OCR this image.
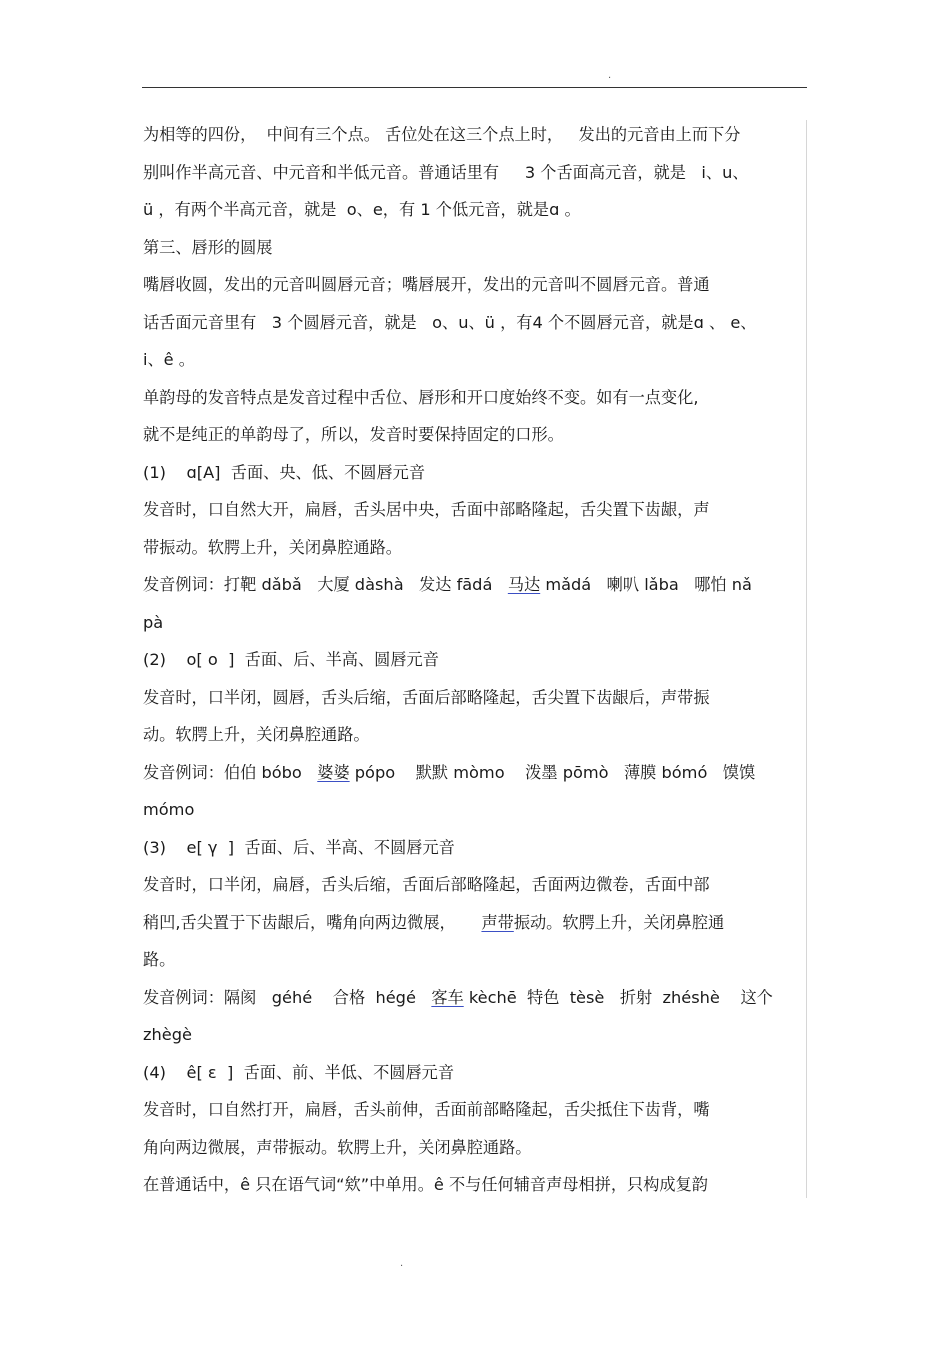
.
为相等的四份，  中间有三个点。 舌位处在这三个点上时，   发出的元音由上而下分
别叫作半高元音、中元音和半低元音。普通话里有     3 个舌面高元音，就是   i、u、
ü ，有两个半高元音，就是  o、e，有 1 个低元音，就是ɑ 。
第三、唇形的圆展
嘴唇收圆，发出的元音叫圆唇元音；嘴唇展开，发出的元音叫不圆唇元音。普通
话舌面元音里有   3 个圆唇元音，就是   o、u、ü ，有4 个不圆唇元音，就是ɑ 、 e、
i、ê 。
单韵母的发音特点是发音过程中舌位、唇形和开口度始终不变。如有一点变化,
就不是纯正的单韵母了，所以，发音时要保持固定的口形。
(1)    ɑ[A]  舌面、央、低、不圆唇元音
发音时，口自然大开，扁唇，舌头居中央，舌面中部略隆起，舌尖置下齿龈，声
带振动。软腭上升，关闭鼻腔通路。
发音例词：打靶 dǎbǎ   大厦 dàshà   发达 fādá   马达 mǎdá   喇叭 lǎba   哪怕 nǎ
pà
(2)    o[ o  ]  舌面、后、半高、圆唇元音
发音时，口半闭，圆唇，舌头后缩，舌面后部略隆起，舌尖置下齿龈后，声带振
动。软腭上升，关闭鼻腔通路。
发音例词：伯伯 bóbo   婆婆 pópo    默默 mòmo    泼墨 pōmò   薄膜 bómó   馍馍
mómo
(3)    e[ γ  ]  舌面、后、半高、不圆唇元音
发音时，口半闭，扁唇，舌头后缩，舌面后部略隆起，舌面两边微卷，舌面中部
稍凹,舌尖置于下齿龈后，嘴角向两边微展，     声带振动。软腭上升，关闭鼻腔通
路。
发音例词：隔阂   géhé    合格  hégé   客车 kèchē  特色  tèsè   折射  zhéshè    这个
zhègè
(4)    ê[ ε  ]  舌面、前、半低、不圆唇元音
发音时，口自然打开，扁唇，舌头前伸，舌面前部略隆起，舌尖抵住下齿背，嘴
角向两边微展，声带振动。软腭上升，关闭鼻腔通路。
在普通话中，ê 只在语气词“欸”中单用。ê 不与任何辅音声母相拼，只构成复韵
.
